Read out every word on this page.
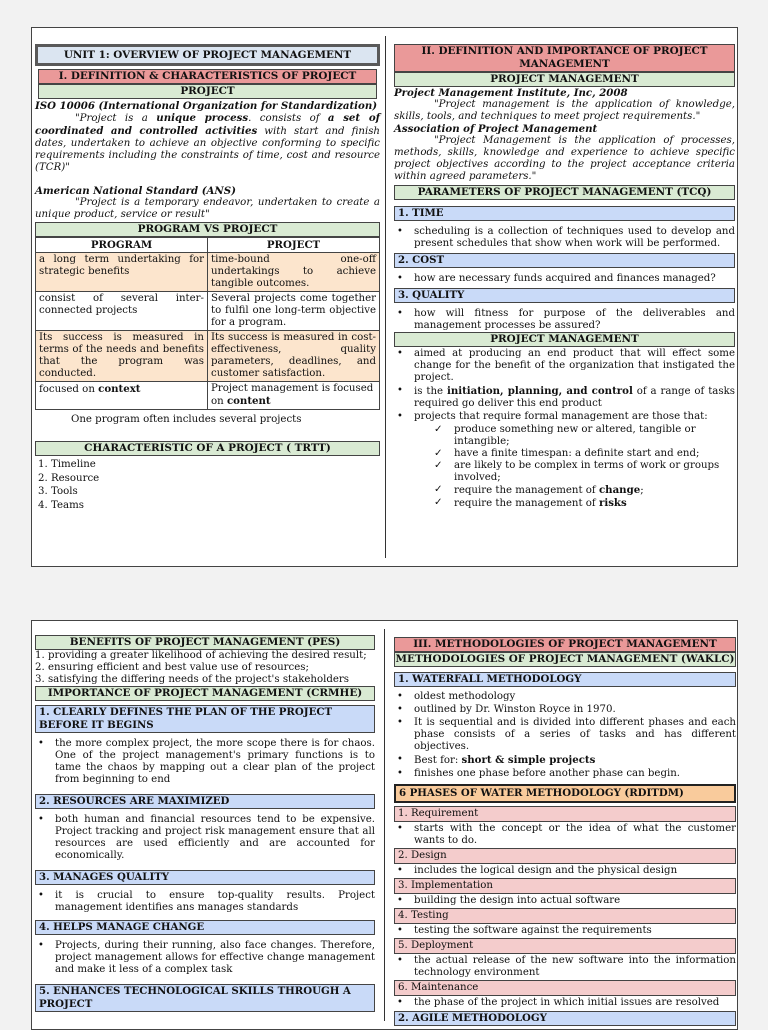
UNIT 1: OVERVIEW OF PROJECT MANAGEMENT
I. DEFINITION & CHARACTERISTICS OF PROJECT
PROJECT
ISO 10006 (International Organization for Standardization)
"Project is a unique process. consists of a set of coordinated and controlled activities with start and finish dates, undertaken to achieve an objective conforming to specific requirements including the constraints of time, cost and resource (TCR)"
American National Standard (ANS)
"Project is a temporary endeavor, undertaken to create a unique product, service or result"
PROGRAM VS PROJECT
PROGRAM	PROJECT
a long term undertaking for strategic benefits	time-bound one-off undertakings to achieve tangible outcomes.
consist of several inter-connected projects	Several projects come together to fulfil one long-term objective for a program.
Its success is measured in terms of the needs and benefits that the program was conducted.	Its success is measured in cost-effectiveness, quality parameters, deadlines, and customer satisfaction.
focused on context	Project management is focused on content
One program often includes several projects
CHARACTERISTIC OF A PROJECT ( TRTT)
1. Timeline
2. Resource
3. Tools
4. Teams
II. DEFINITION AND IMPORTANCE OF PROJECT MANAGEMENT
PROJECT MANAGEMENT
Project Management Institute, Inc, 2008
"Project management is the application of knowledge, skills, tools, and techniques to meet project requirements."
Association of Project Management
"Project Management is the application of processes, methods, skills, knowledge and experience to achieve specific project objectives according to the project acceptance criteria within agreed parameters."
PARAMETERS OF PROJECT MANAGEMENT (TCQ)
1. TIME
• scheduling is a collection of techniques used to develop and present schedules that show when work will be performed.
2. COST
• how are necessary funds acquired and finances managed?
3. QUALITY
• how will fitness for purpose of the deliverables and management processes be assured?
PROJECT MANAGEMENT
• aimed at producing an end product that will effect some change for the benefit of the organization that instigated the project.
• is the initiation, planning, and control of a range of tasks required go deliver this end product
• projects that require formal management are those that:
✓ produce something new or altered, tangible or intangible;
✓ have a finite timespan: a definite start and end;
✓ are likely to be complex in terms of work or groups involved;
✓ require the management of change;
✓ require the management of risks
BENEFITS OF PROJECT MANAGEMENT (PES)
1. providing a greater likelihood of achieving the desired result;
2. ensuring efficient and best value use of resources;
3. satisfying the differing needs of the project's stakeholders
IMPORTANCE OF PROJECT MANAGEMENT (CRMHE)
1. CLEARLY DEFINES THE PLAN OF THE PROJECT BEFORE IT BEGINS
• the more complex project, the more scope there is for chaos. One of the project management's primary functions is to tame the chaos by mapping out a clear plan of the project from beginning to end
2. RESOURCES ARE MAXIMIZED
• both human and financial resources tend to be expensive. Project tracking and project risk management ensure that all resources are used efficiently and are accounted for economically.
3. MANAGES QUALITY
• it is crucial to ensure top-quality results. Project management identifies ans manages standards
4. HELPS MANAGE CHANGE
• Projects, during their running, also face changes. Therefore, project management allows for effective change management and make it less of a complex task
5. ENHANCES TECHNOLOGICAL SKILLS THROUGH A PROJECT
III. METHODOLOGIES OF PROJECT MANAGEMENT
METHODOLOGIES OF PROJECT MANAGEMENT (WAKLC)
1. WATERFALL METHODOLOGY
• oldest methodology
• outlined by Dr. Winston Royce in 1970.
• It is sequential and is divided into different phases and each phase consists of a series of tasks and has different objectives.
• Best for: short & simple projects
• finishes one phase before another phase can begin.
6 PHASES OF WATER METHODOLOGY (RDITDM)
1. Requirement
• starts with the concept or the idea of what the customer wants to do.
2. Design
• includes the logical design and the physical design
3. Implementation
• building the design into actual software
4. Testing
• testing the software against the requirements
5. Deployment
• the actual release of the new software into the information technology environment
6. Maintenance
• the phase of the project in which initial issues are resolved
2. AGILE METHODOLOGY
